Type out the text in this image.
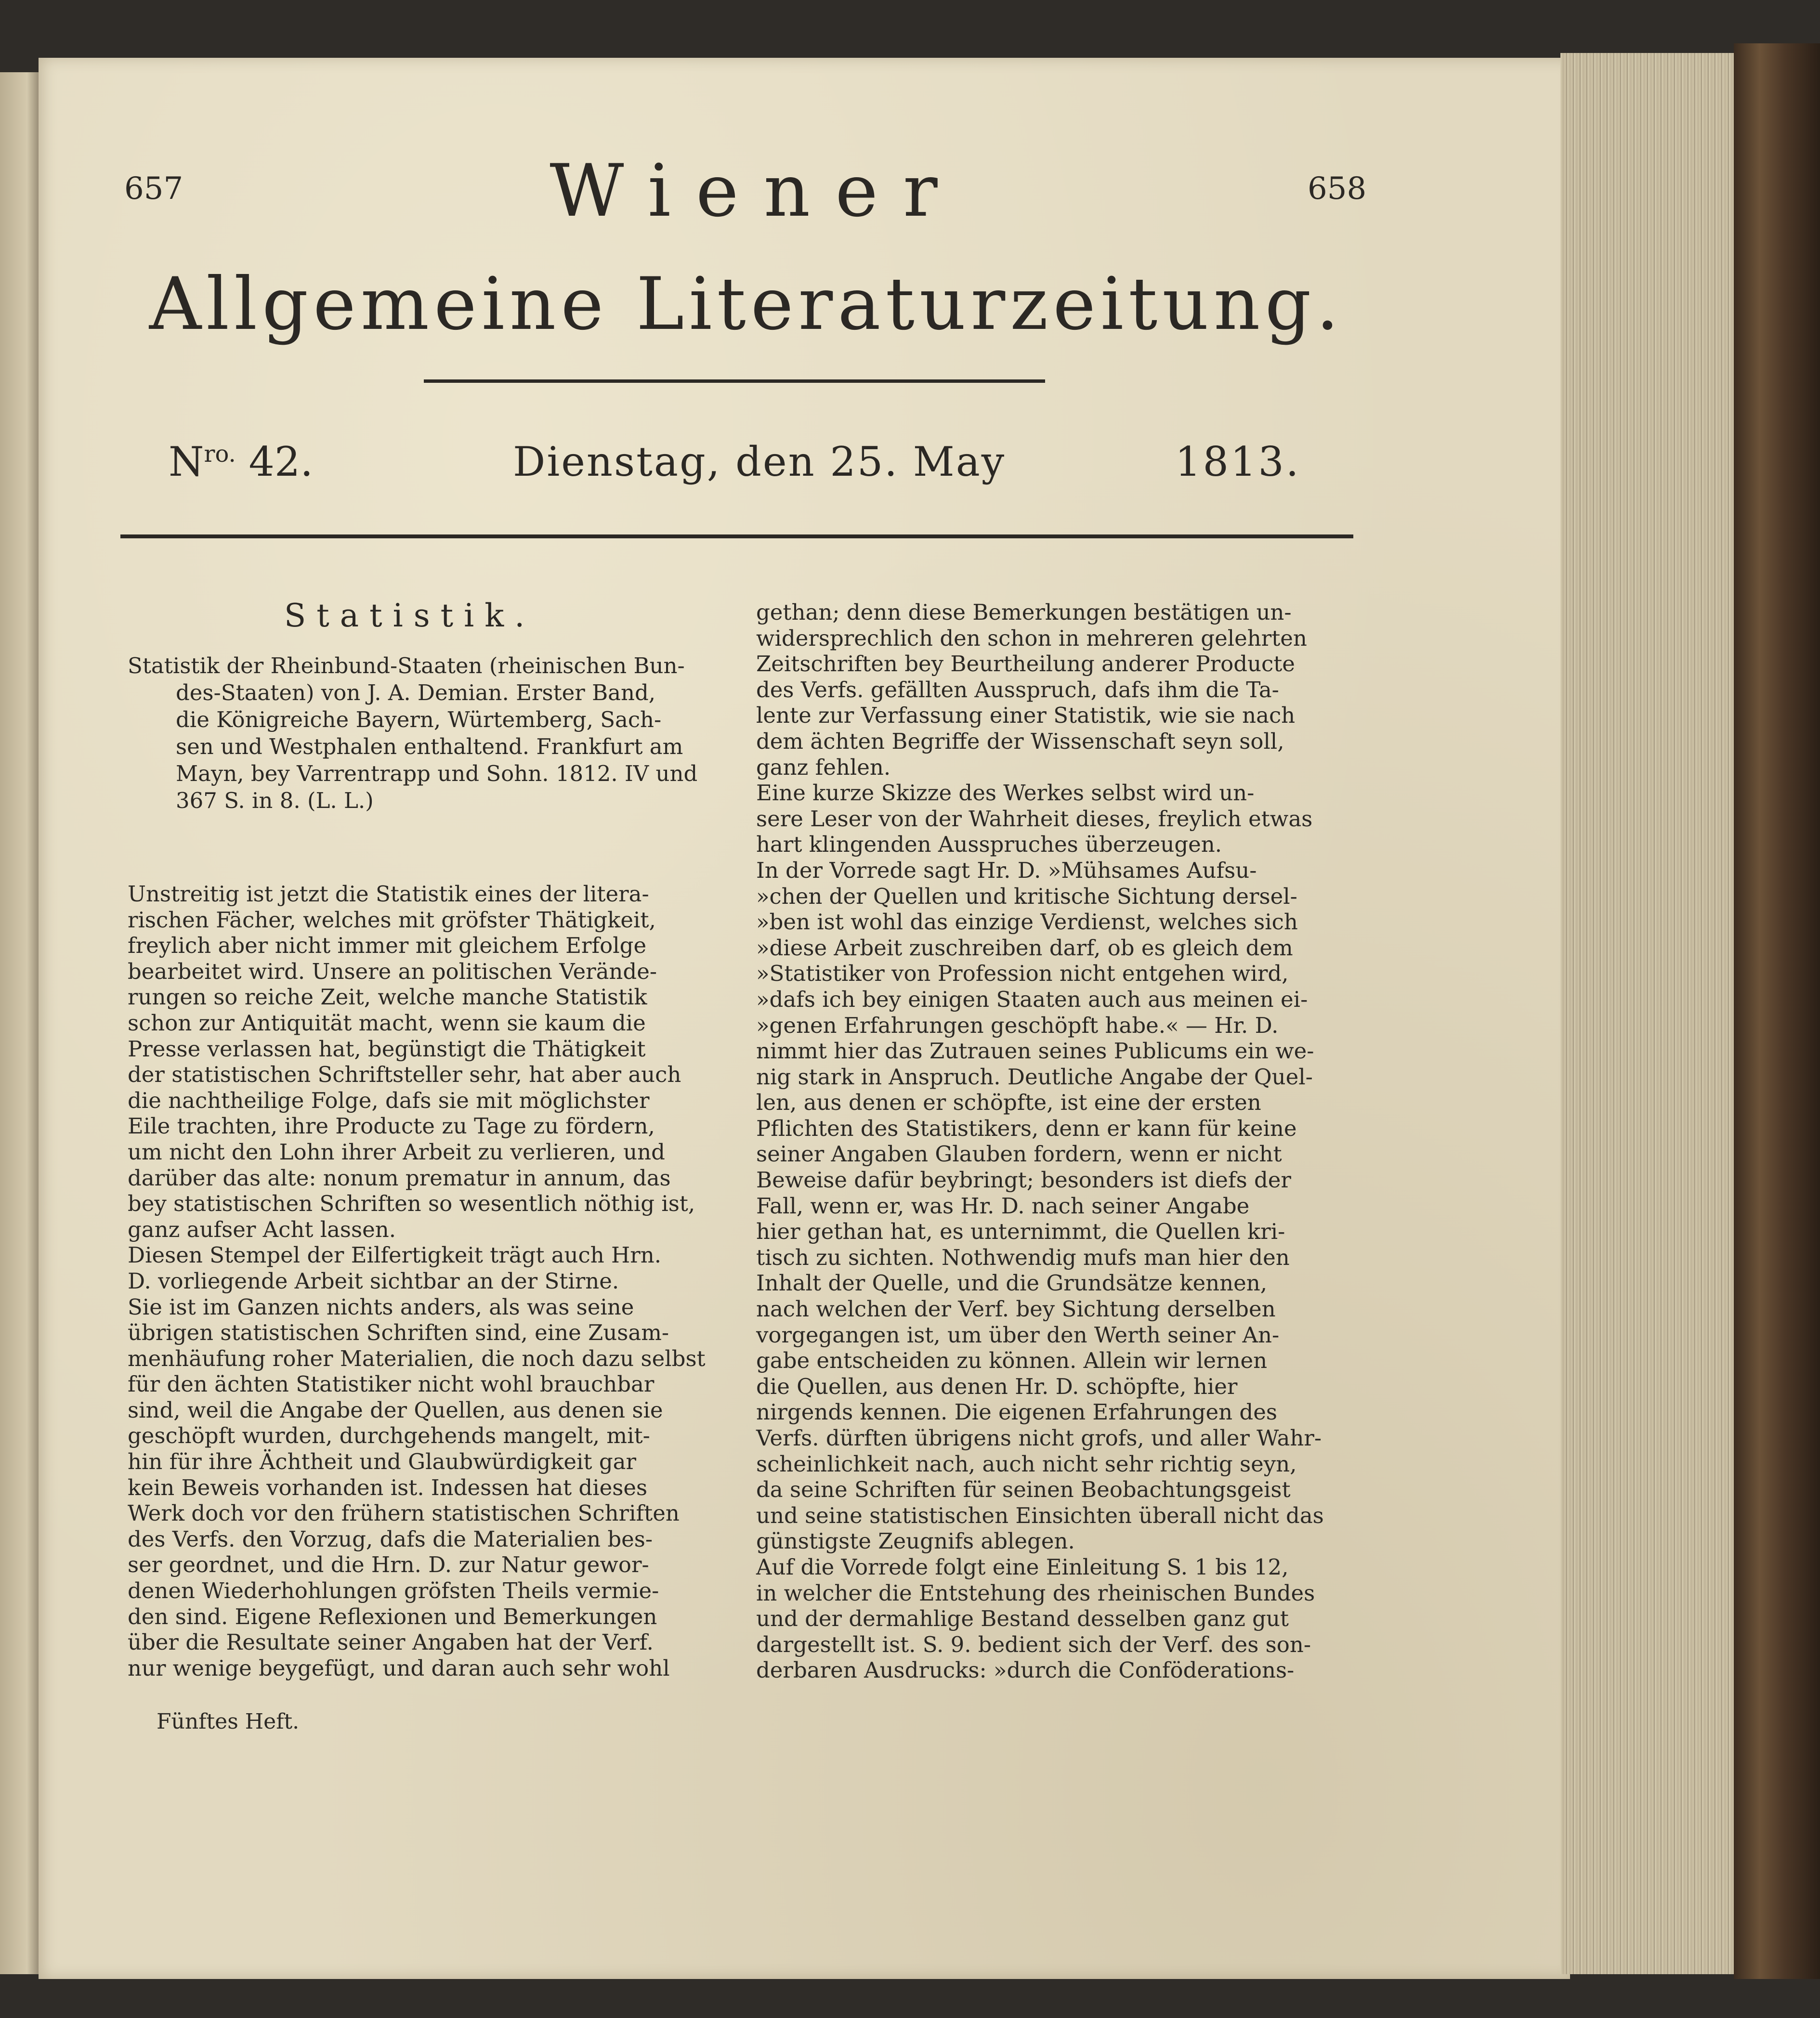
657	658
Wiener
Allgemeine Literaturzeitung.
$N^{ro.}$ 42.	Dienstag, den 25. May	1813.
Statistik.
Statistik der Rheinbund-Staaten (rheinischen Bun-
des-Staaten) von J. A. Demian. Erster Band,
die Königreiche Bayern, Würtemberg, Sach-
sen und Westphalen enthaltend. Frankfurt am
Mayn, bey Varrentrapp und Sohn. 1812. IV und
367 S. in 8. (L. L.)
Unstreitig ist jetzt die Statistik eines der litera-
rischen Fächer, welches mit gröfster Thätigkeit,
freylich aber nicht immer mit gleichem Erfolge
bearbeitet wird. Unsere an politischen Verände-
rungen so reiche Zeit, welche manche Statistik
schon zur Antiquität macht, wenn sie kaum die
Presse verlassen hat, begünstigt die Thätigkeit
der statistischen Schriftsteller sehr, hat aber auch
die nachtheilige Folge, dafs sie mit möglichster
Eile trachten, ihre Producte zu Tage zu fördern,
um nicht den Lohn ihrer Arbeit zu verlieren, und
darüber das alte: nonum prematur in annum, das
bey statistischen Schriften so wesentlich nöthig ist,
ganz aufser Acht lassen.
Diesen Stempel der Eilfertigkeit trägt auch Hrn.
D. vorliegende Arbeit sichtbar an der Stirne.
Sie ist im Ganzen nichts anders, als was seine
übrigen statistischen Schriften sind, eine Zusam-
menhäufung roher Materialien, die noch dazu selbst
für den ächten Statistiker nicht wohl brauchbar
sind, weil die Angabe der Quellen, aus denen sie
geschöpft wurden, durchgehends mangelt, mit-
hin für ihre Ächtheit und Glaubwürdigkeit gar
kein Beweis vorhanden ist. Indessen hat dieses
Werk doch vor den frühern statistischen Schriften
des Verfs. den Vorzug, dafs die Materialien bes-
ser geordnet, und die Hrn. D. zur Natur gewor-
denen Wiederhohlungen gröfsten Theils vermie-
den sind. Eigene Reflexionen und Bemerkungen
über die Resultate seiner Angaben hat der Verf.
nur wenige beygefügt, und daran auch sehr wohl
gethan; denn diese Bemerkungen bestätigen un-
widersprechlich den schon in mehreren gelehrten
Zeitschriften bey Beurtheilung anderer Producte
des Verfs. gefällten Ausspruch, dafs ihm die Ta-
lente zur Verfassung einer Statistik, wie sie nach
dem ächten Begriffe der Wissenschaft seyn soll,
ganz fehlen.
Eine kurze Skizze des Werkes selbst wird un-
sere Leser von der Wahrheit dieses, freylich etwas
hart klingenden Ausspruches überzeugen.
In der Vorrede sagt Hr. D. »Mühsames Aufsu-
»chen der Quellen und kritische Sichtung dersel-
»ben ist wohl das einzige Verdienst, welches sich
»diese Arbeit zuschreiben darf, ob es gleich dem
»Statistiker von Profession nicht entgehen wird,
»dafs ich bey einigen Staaten auch aus meinen ei-
»genen Erfahrungen geschöpft habe.« — Hr. D.
nimmt hier das Zutrauen seines Publicums ein we-
nig stark in Anspruch. Deutliche Angabe der Quel-
len, aus denen er schöpfte, ist eine der ersten
Pflichten des Statistikers, denn er kann für keine
seiner Angaben Glauben fordern, wenn er nicht
Beweise dafür beybringt; besonders ist diefs der
Fall, wenn er, was Hr. D. nach seiner Angabe
hier gethan hat, es unternimmt, die Quellen kri-
tisch zu sichten. Nothwendig mufs man hier den
Inhalt der Quelle, und die Grundsätze kennen,
nach welchen der Verf. bey Sichtung derselben
vorgegangen ist, um über den Werth seiner An-
gabe entscheiden zu können. Allein wir lernen
die Quellen, aus denen Hr. D. schöpfte, hier
nirgends kennen. Die eigenen Erfahrungen des
Verfs. dürften übrigens nicht grofs, und aller Wahr-
scheinlichkeit nach, auch nicht sehr richtig seyn,
da seine Schriften für seinen Beobachtungsgeist
und seine statistischen Einsichten überall nicht das
günstigste Zeugnifs ablegen.
Auf die Vorrede folgt eine Einleitung S. 1 bis 12,
in welcher die Entstehung des rheinischen Bundes
und der dermahlige Bestand desselben ganz gut
dargestellt ist. S. 9. bedient sich der Verf. des son-
derbaren Ausdrucks: »durch die Conföderations-
Fünftes Heft.
